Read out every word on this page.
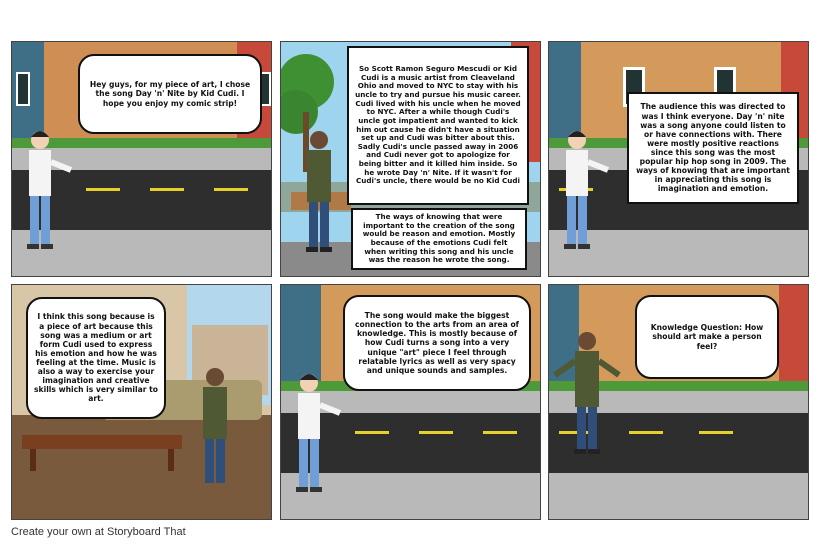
Hey guys, for my piece of art, I chose the song Day 'n' Nite by Kid Cudi. I hope you enjoy my comic strip!
So Scott Ramon Seguro Mescudi or Kid Cudi is a music artist from Cleaveland Ohio and moved to NYC to stay with his uncle to try and pursue his music career. Cudi lived with his uncle when he moved to NYC. After a while though Cudi's uncle got impatient and wanted to kick him out cause he didn't have a situation set up and Cudi was bitter about this. Sadly Cudi's uncle passed away in 2006 and Cudi never got to apologize for being bitter and it killed him inside. So he wrote Day 'n' Nite. If it wasn't for Cudi's uncle, there would be no Kid Cudi
The ways of knowing that were important to the creation of the song would be reason and emotion. Mostly because of the emotions Cudi felt when writing this song and his uncle was the reason he wrote the song.
The audience this was directed to was I think everyone. Day 'n' nite was a song anyone could listen to or have connections with. There were mostly positive reactions since this song was the most popular hip hop song in 2009. The ways of knowing that are important in appreciating this song is imagination and emotion.
I think this song because is a piece of art because this song was a medium or art form Cudi used to express his emotion and how he was feeling at the time. Music is also a way to exercise your imagination and creative skills which is very similar to art.
The song would make the biggest connection to the arts from an area of knowledge. This is mostly because of how Cudi turns a song into a very unique "art" piece I feel through relatable lyrics as well as very spacy and unique sounds and samples.
Knowledge Question: How should art make a person feel?
Create your own at Storyboard That
